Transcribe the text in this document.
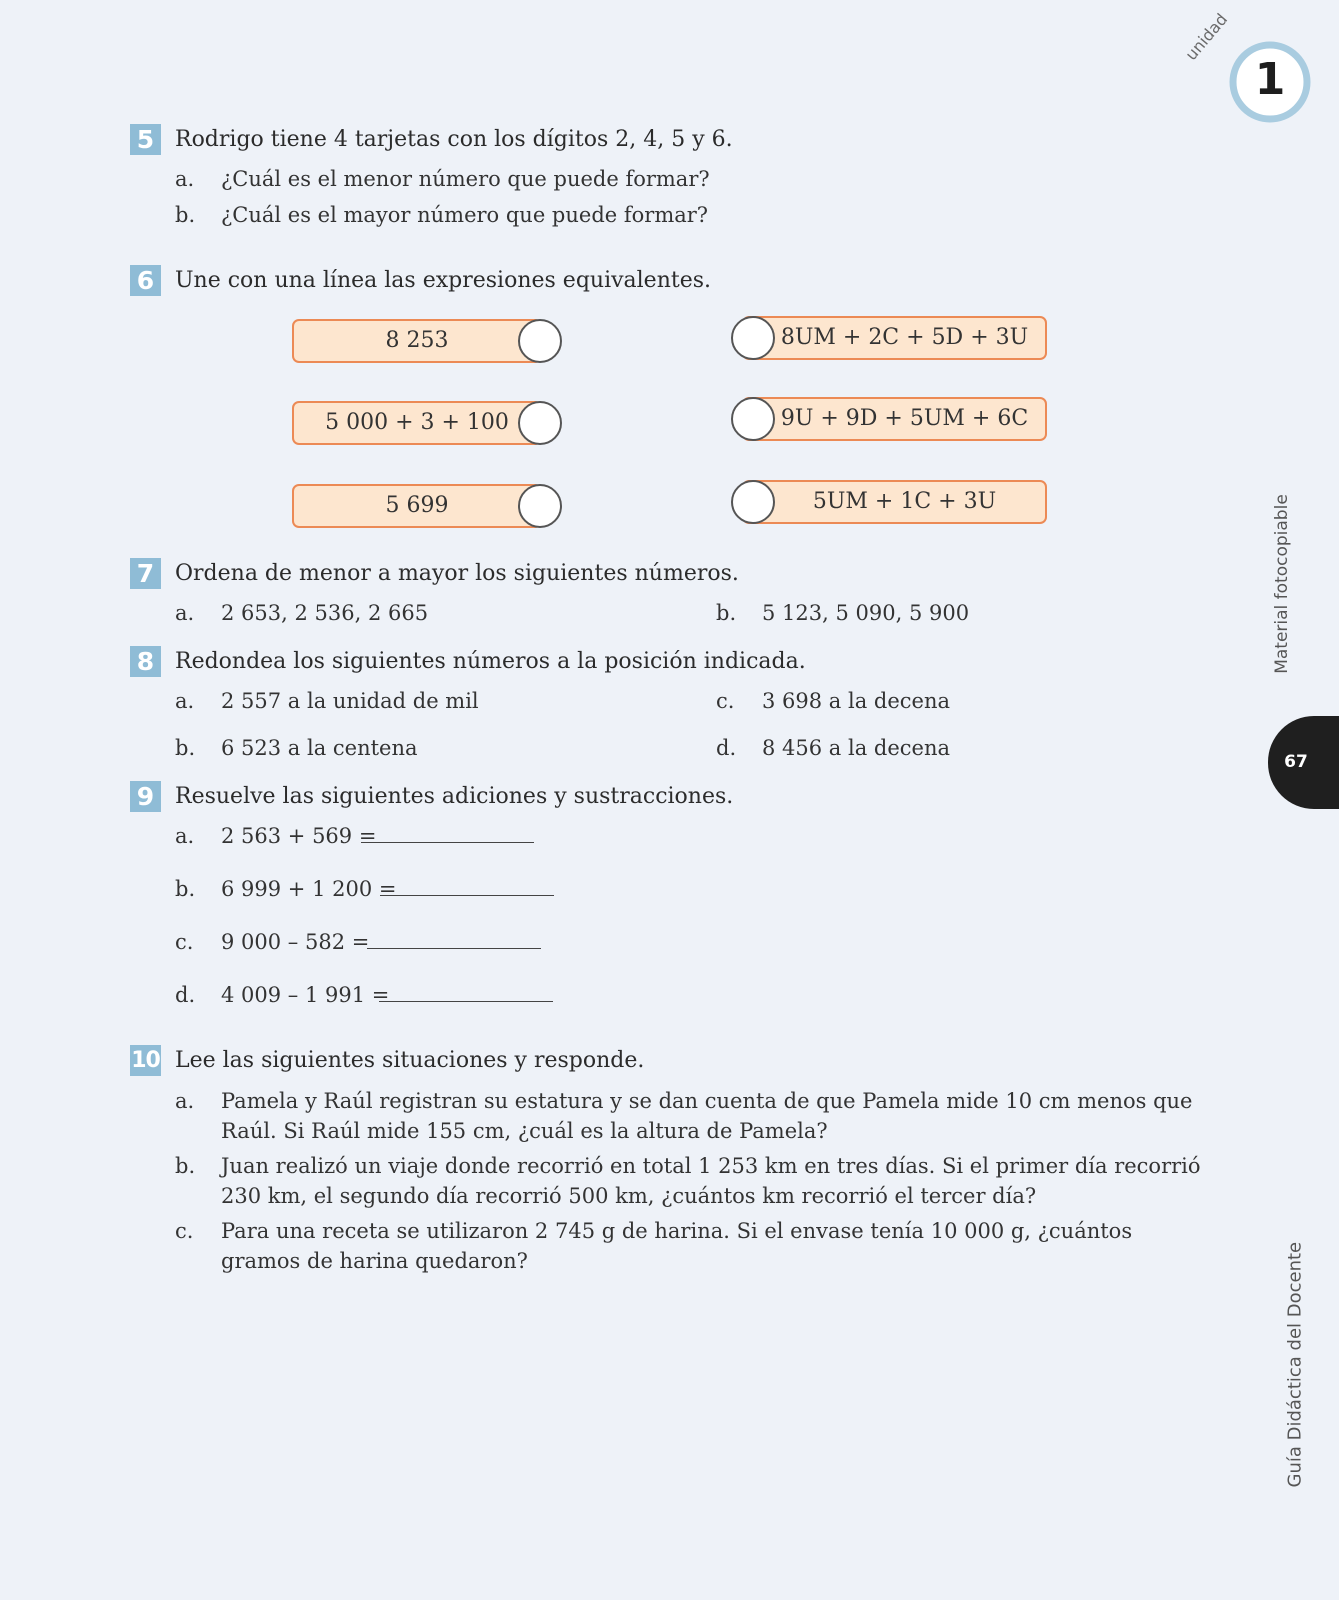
1
unidad
Material fotocopiable
Guía Didáctica del Docente
67
5 Rodrigo tiene 4 tarjetas con los dígitos 2, 4, 5 y 6.
a. ¿Cuál es el menor número que puede formar?
b. ¿Cuál es el mayor número que puede formar?
6 Une con una línea las expresiones equivalentes.
8 253
5 000 + 3 + 100
5 699
8UM + 2C + 5D + 3U
9U + 9D + 5UM + 6C
5UM + 1C + 3U
7 Ordena de menor a mayor los siguientes números.
a. 2 653, 2 536, 2 665	b. 5 123, 5 090, 5 900
8 Redondea los siguientes números a la posición indicada.
a. 2 557 a la unidad de mil
b. 6 523 a la centena
c. 3 698 a la decena
d. 8 456 a la decena
9 Resuelve las siguientes adiciones y sustracciones.
a. 2 563 + 569 =
b. 6 999 + 1 200 =
c. 9 000 – 582 =
d. 4 009 – 1 991 =
10 Lee las siguientes situaciones y responde.
a. Pamela y Raúl registran su estatura y se dan cuenta de que Pamela mide 10 cm menos que Raúl. Si Raúl mide 155 cm, ¿cuál es la altura de Pamela?
b. Juan realizó un viaje donde recorrió en total 1 253 km en tres días. Si el primer día recorrió 230 km, el segundo día recorrió 500 km, ¿cuántos km recorrió el tercer día?
c. Para una receta se utilizaron 2 745 g de harina. Si el envase tenía 10 000 g, ¿cuántos gramos de harina quedaron?
